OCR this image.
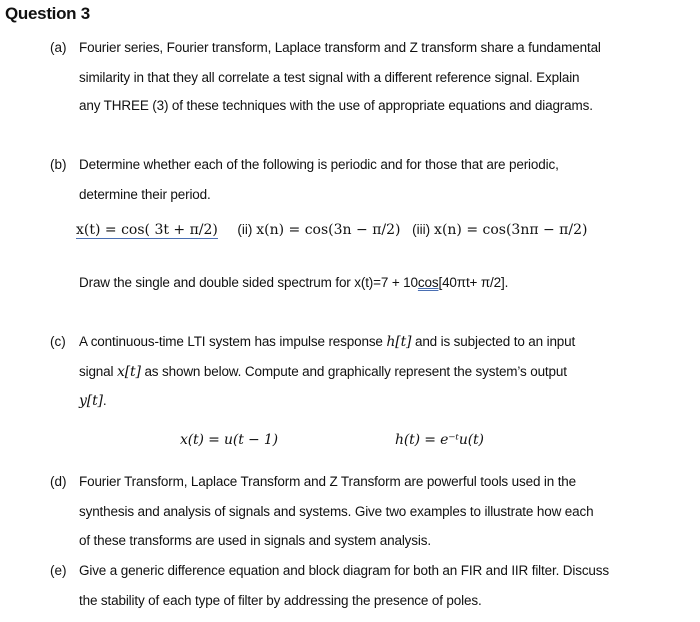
Question 3
(a) Fourier series, Fourier transform, Laplace transform and Z transform share a fundamental
similarity in that they all correlate a test signal with a different reference signal. Explain
any THREE (3) of these techniques with the use of appropriate equations and diagrams.
(b) Determine whether each of the following is periodic and for those that are periodic,
determine their period.
x(t) = cos( 3t + π/2) (ii) x(n) = cos(3n − π/2) (iii) x(n) = cos(3nπ − π/2)
Draw the single and double sided spectrum for x(t)=7 + 10cos[40πt+ π/2].
(c) A continuous-time LTI system has impulse response h[t] and is subjected to an input
signal x[t] as shown below. Compute and graphically represent the system’s output
y[t].
x(t) = u(t − 1)	h(t) = e⁻ᵗu(t)
(d) Fourier Transform, Laplace Transform and Z Transform are powerful tools used in the
synthesis and analysis of signals and systems. Give two examples to illustrate how each
of these transforms are used in signals and system analysis.
(e) Give a generic difference equation and block diagram for both an FIR and IIR filter. Discuss
the stability of each type of filter by addressing the presence of poles.
